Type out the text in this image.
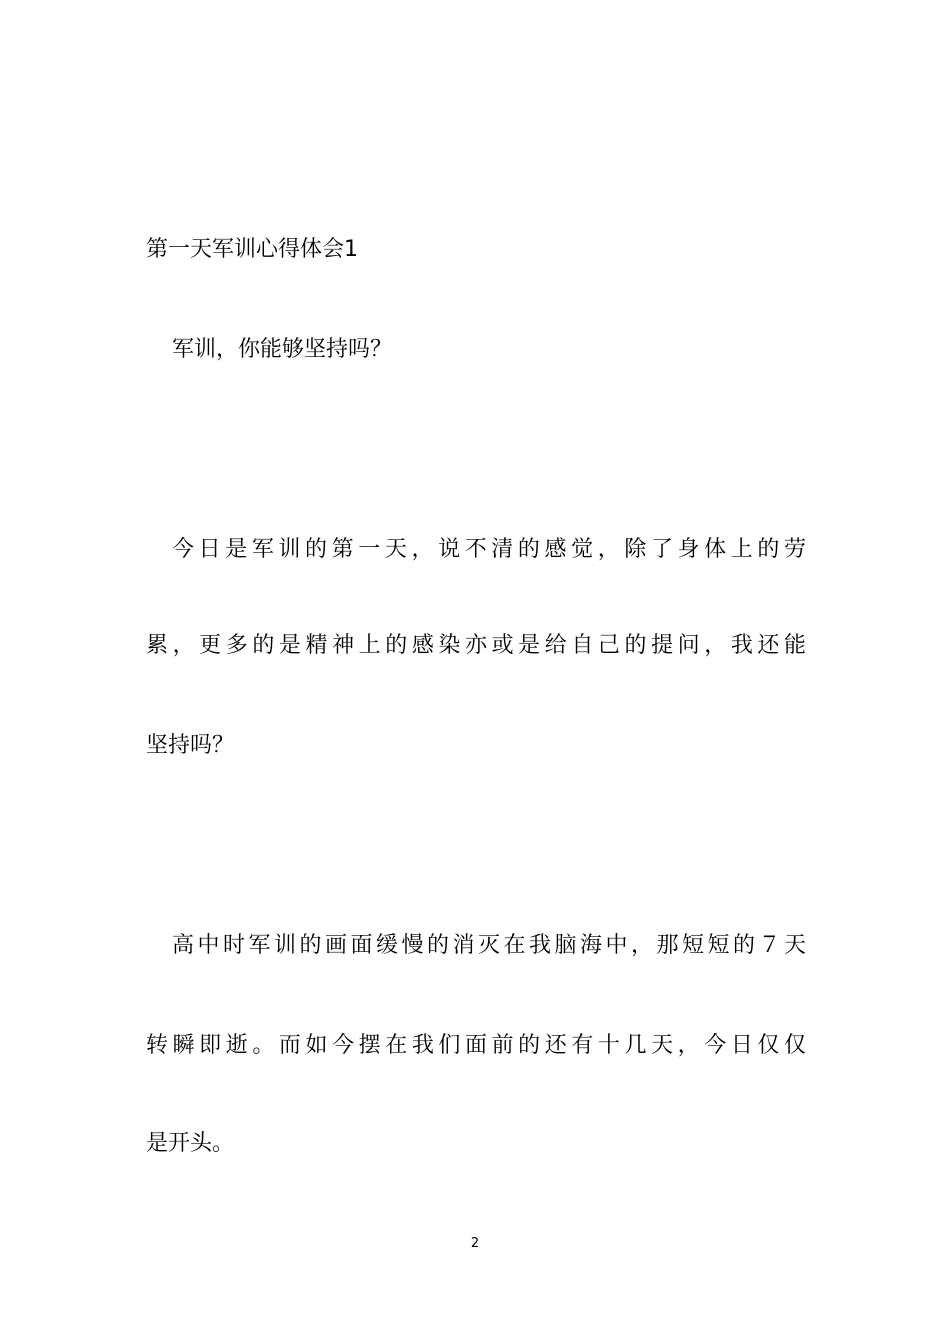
第一天军训心得体会1
军训，你能够坚持吗？
今日是军训的第一天，说不清的感觉，除了身体上的劳
累，更多的是精神上的感染亦或是给自己的提问，我还能
坚持吗？
高中时军训的画面缓慢的消灭在我脑海中，那短短的７天
转瞬即逝。而如今摆在我们面前的还有十几天，今日仅仅
是开头。
2
